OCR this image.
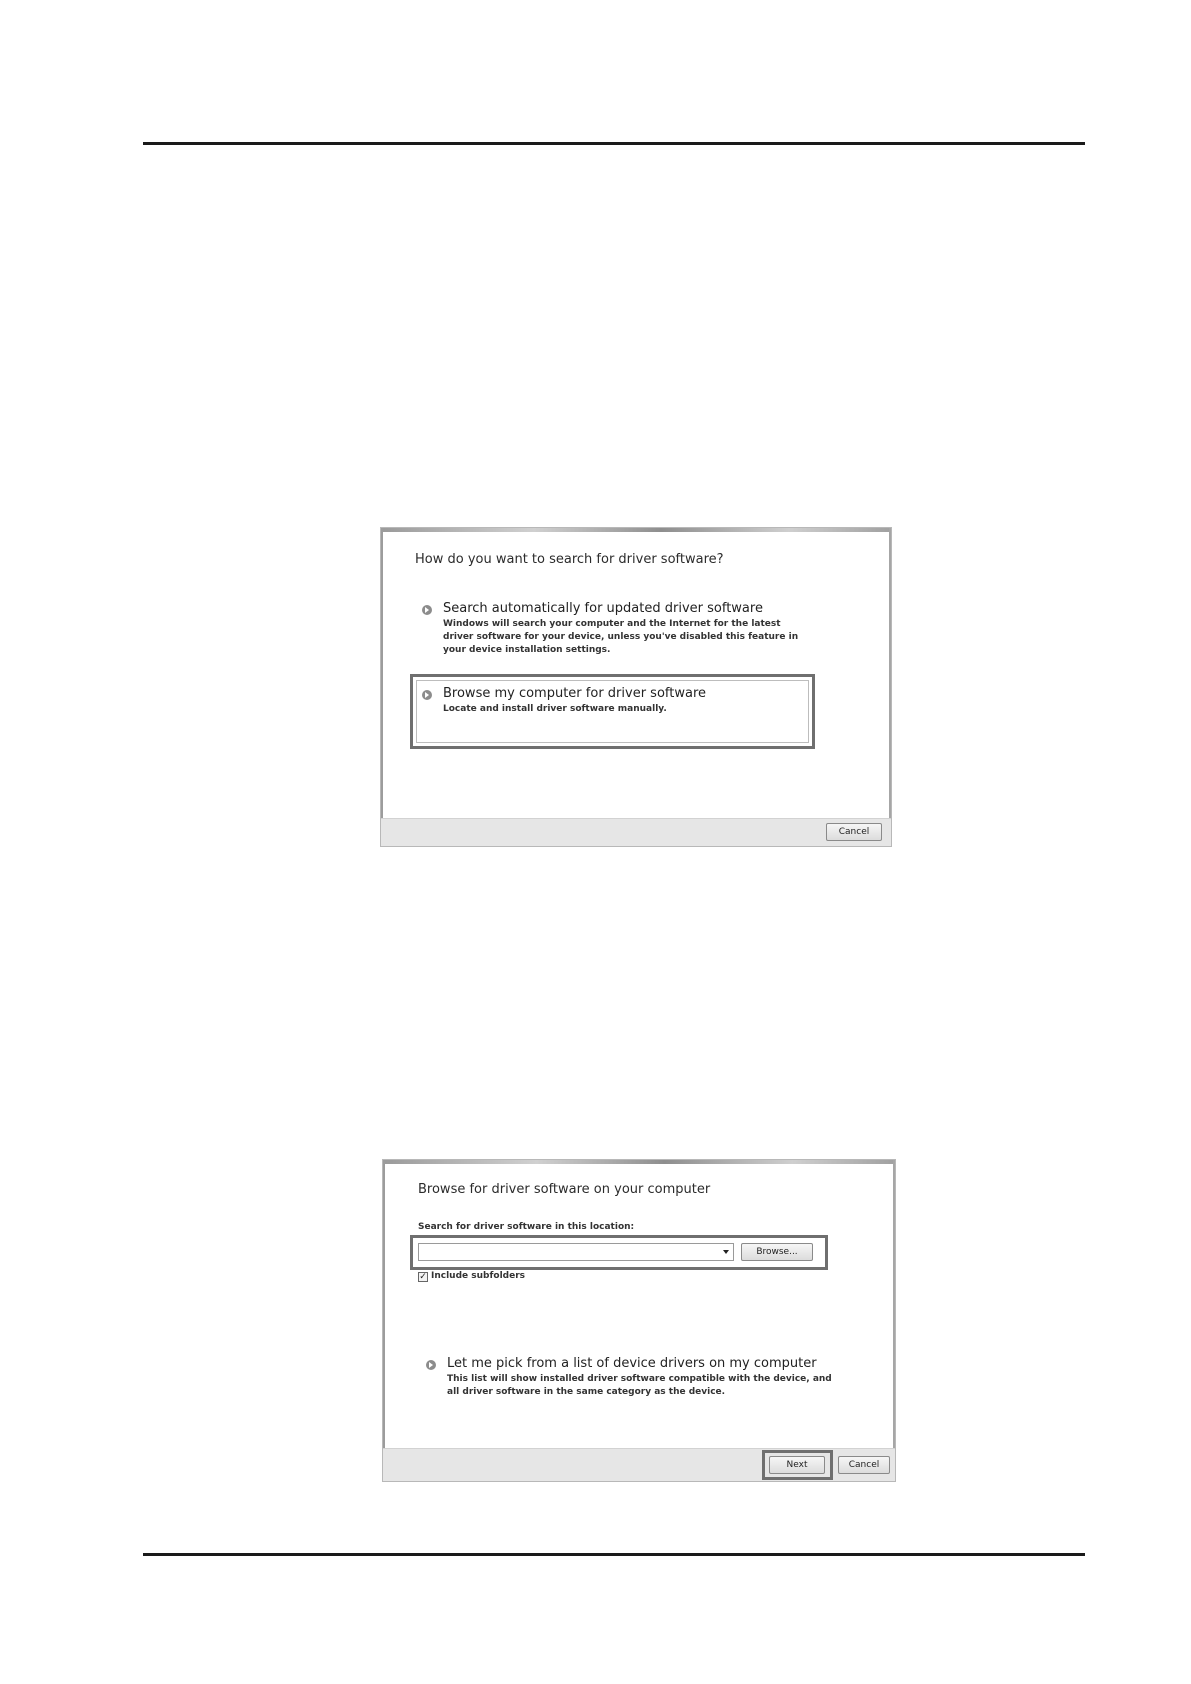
How do you want to search for driver software?
Search automatically for updated driver software
Windows will search your computer and the Internet for the latest driver software for your device, unless you've disabled this feature in your device installation settings.
Browse my computer for driver software
Locate and install driver software manually.
Cancel
Browse for driver software on your computer
Search for driver software in this location:
Browse...
✓ Include subfolders
Let me pick from a list of device drivers on my computer
This list will show installed driver software compatible with the device, and all driver software in the same category as the device.
Next	Cancel
